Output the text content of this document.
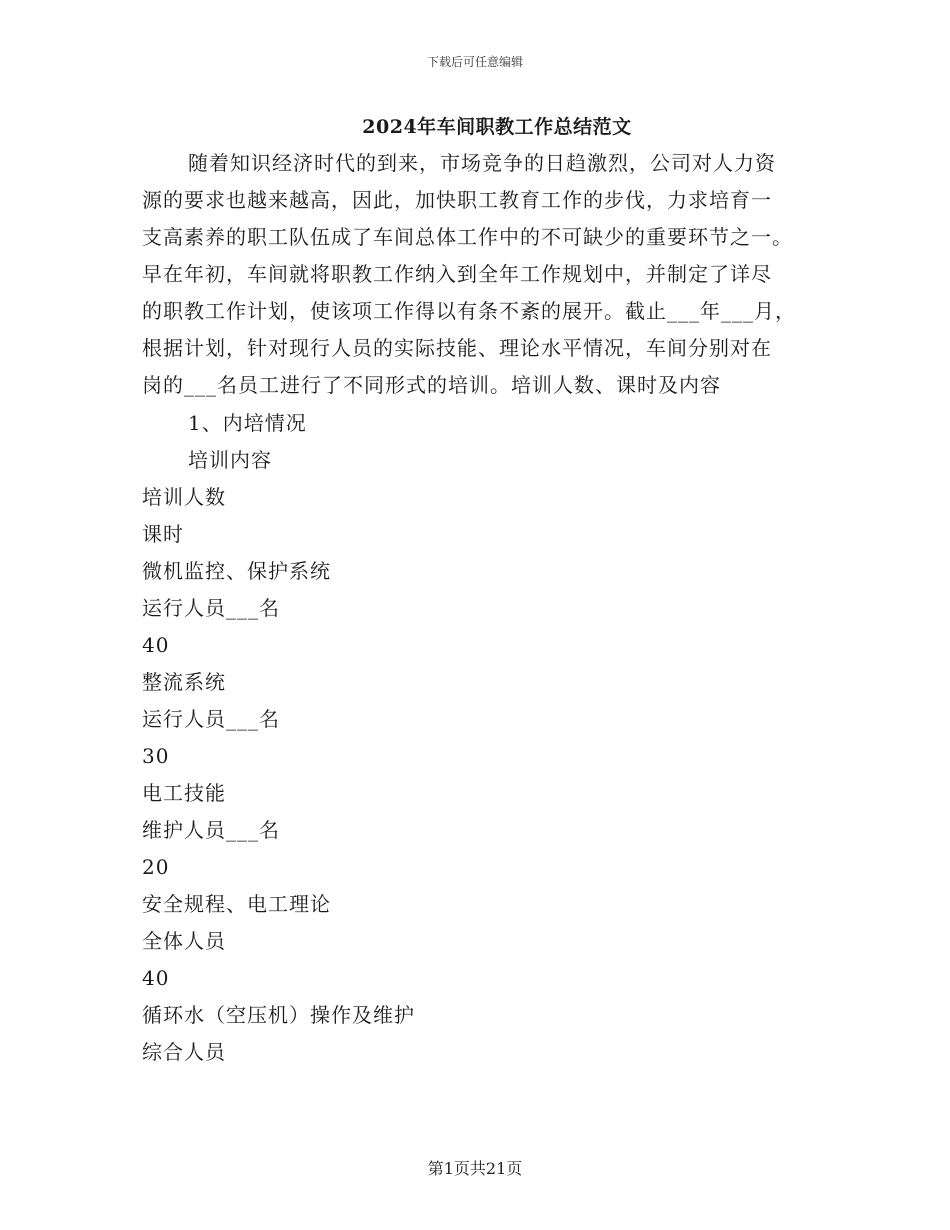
下载后可任意编辑
2024年车间职教工作总结范文
随着知识经济时代的到来，市场竞争的日趋激烈，公司对人力资
源的要求也越来越高，因此，加快职工教育工作的步伐，力求培育一
支高素养的职工队伍成了车间总体工作中的不可缺少的重要环节之一。
早在年初，车间就将职教工作纳入到全年工作规划中，并制定了详尽
的职教工作计划，使该项工作得以有条不紊的展开。截止___年___月，
根据计划，针对现行人员的实际技能、理论水平情况，车间分别对在
岗的___名员工进行了不同形式的培训。培训人数、课时及内容
1、内培情况
培训内容
培训人数
课时
微机监控、保护系统
运行人员___名
40
整流系统
运行人员___名
30
电工技能
维护人员___名
20
安全规程、电工理论
全体人员
40
循环水（空压机）操作及维护
综合人员
第1页共21页
